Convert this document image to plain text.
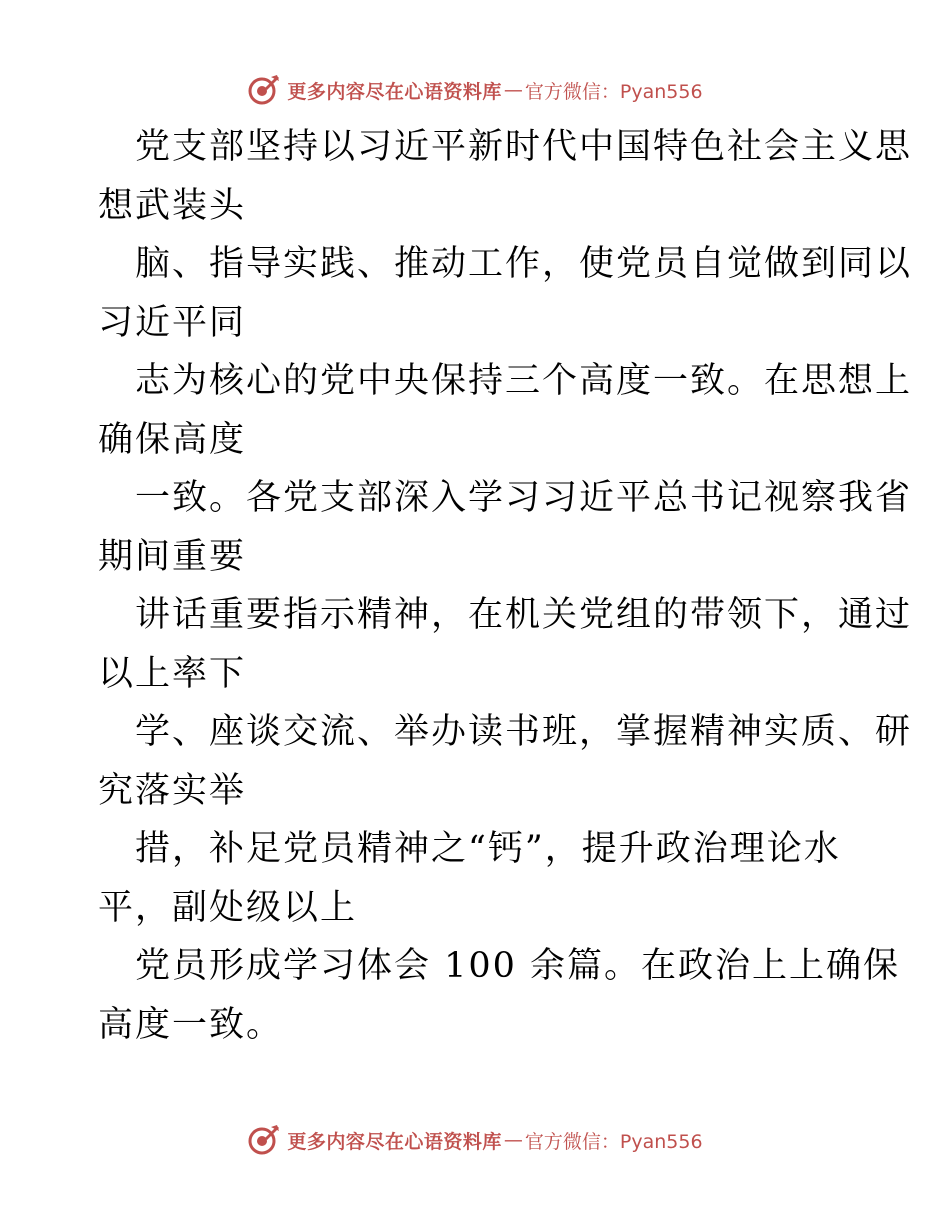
更多内容尽在心语资料库 — 官方微信：Pyan556
党支部坚持以习近平新时代中国特色社会主义思
想武装头
脑、指导实践、推动工作，使党员自觉做到同以
习近平同
志为核心的党中央保持三个高度一致。在思想上
确保高度
一致。各党支部深入学习习近平总书记视察我省
期间重要
讲话重要指示精神，在机关党组的带领下，通过
以上率下
学、座谈交流、举办读书班，掌握精神实质、研
究落实举
措，补足党员精神之“钙”，提升政治理论水
平，副处级以上
党员形成学习体会 100 余篇。在政治上上确保
高度一致。
更多内容尽在心语资料库 — 官方微信：Pyan556
